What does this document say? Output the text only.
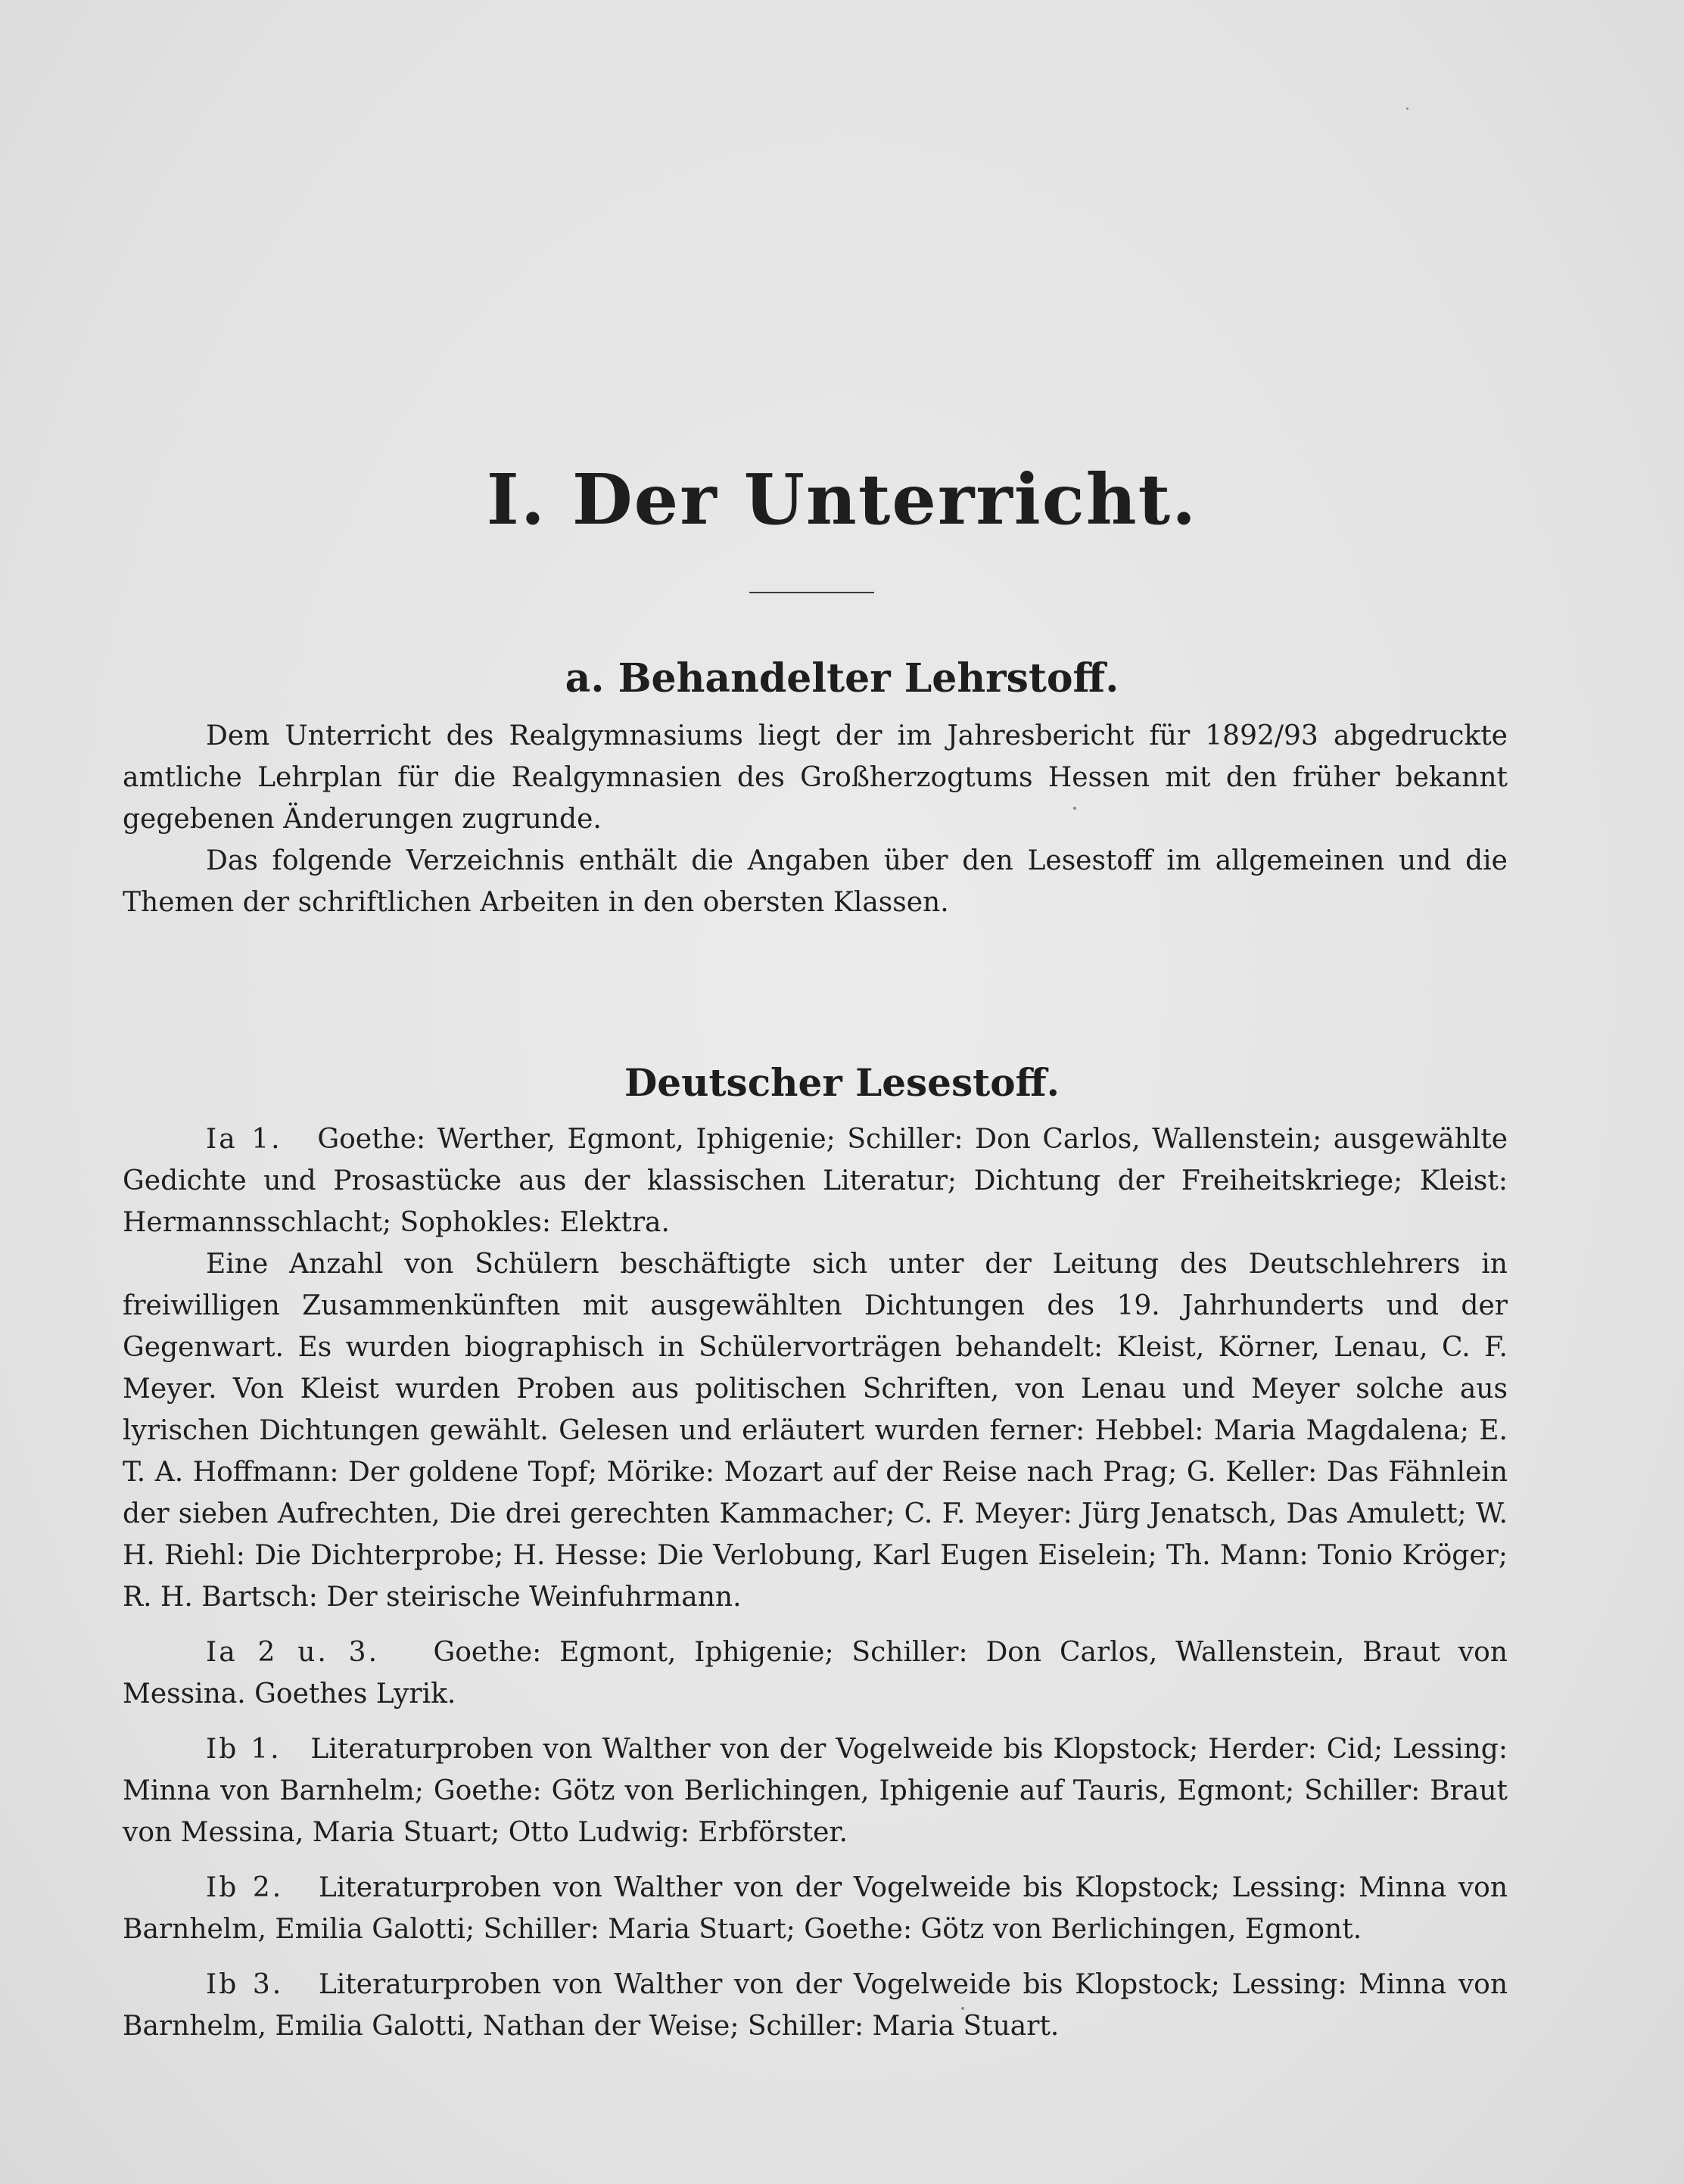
I. Der Unterricht.
a. Behandelter Lehrstoff.

Dem Unterricht des Realgymnasiums liegt der im Jahresbericht für 1892/93 abgedruckte amtliche Lehrplan für die Realgymnasien des Großherzogtums Hessen mit den früher bekannt gegebenen Änderungen zugrunde.

Das folgende Verzeichnis enthält die Angaben über den Lesestoff im allgemeinen und die Themen der schriftlichen Arbeiten in den obersten Klassen.

Deutscher Lesestoff.

Ia 1. Goethe: Werther, Egmont, Iphigenie; Schiller: Don Carlos, Wallenstein; ausgewählte Gedichte und Prosastücke aus der klassischen Literatur; Dichtung der Freiheitskriege; Kleist: Hermannsschlacht; Sophokles: Elektra.

Eine Anzahl von Schülern beschäftigte sich unter der Leitung des Deutschlehrers in freiwilligen Zusammenkünften mit ausgewählten Dichtungen des 19. Jahrhunderts und der Gegenwart. Es wurden biographisch in Schülervorträgen behandelt: Kleist, Körner, Lenau, C. F. Meyer. Von Kleist wurden Proben aus politischen Schriften, von Lenau und Meyer solche aus lyrischen Dichtungen gewählt. Gelesen und erläutert wurden ferner: Hebbel: Maria Magdalena; E. T. A. Hoffmann: Der goldene Topf; Mörike: Mozart auf der Reise nach Prag; G. Keller: Das Fähnlein der sieben Aufrechten, Die drei gerechten Kammacher; C. F. Meyer: Jürg Jenatsch, Das Amulett; W. H. Riehl: Die Dichterprobe; H. Hesse: Die Verlobung, Karl Eugen Eiselein; Th. Mann: Tonio Kröger; R. H. Bartsch: Der steirische Weinfuhrmann.

Ia 2 u. 3. Goethe: Egmont, Iphigenie; Schiller: Don Carlos, Wallenstein, Braut von Messina. Goethes Lyrik.

Ib 1. Literaturproben von Walther von der Vogelweide bis Klopstock; Herder: Cid; Lessing: Minna von Barnhelm; Goethe: Götz von Berlichingen, Iphigenie auf Tauris, Egmont; Schiller: Braut von Messina, Maria Stuart; Otto Ludwig: Erbförster.

Ib 2. Literaturproben von Walther von der Vogelweide bis Klopstock; Lessing: Minna von Barnhelm, Emilia Galotti; Schiller: Maria Stuart; Goethe: Götz von Berlichingen, Egmont.

Ib 3. Literaturproben von Walther von der Vogelweide bis Klopstock; Lessing: Minna von Barnhelm, Emilia Galotti, Nathan der Weise; Schiller: Maria Stuart.
